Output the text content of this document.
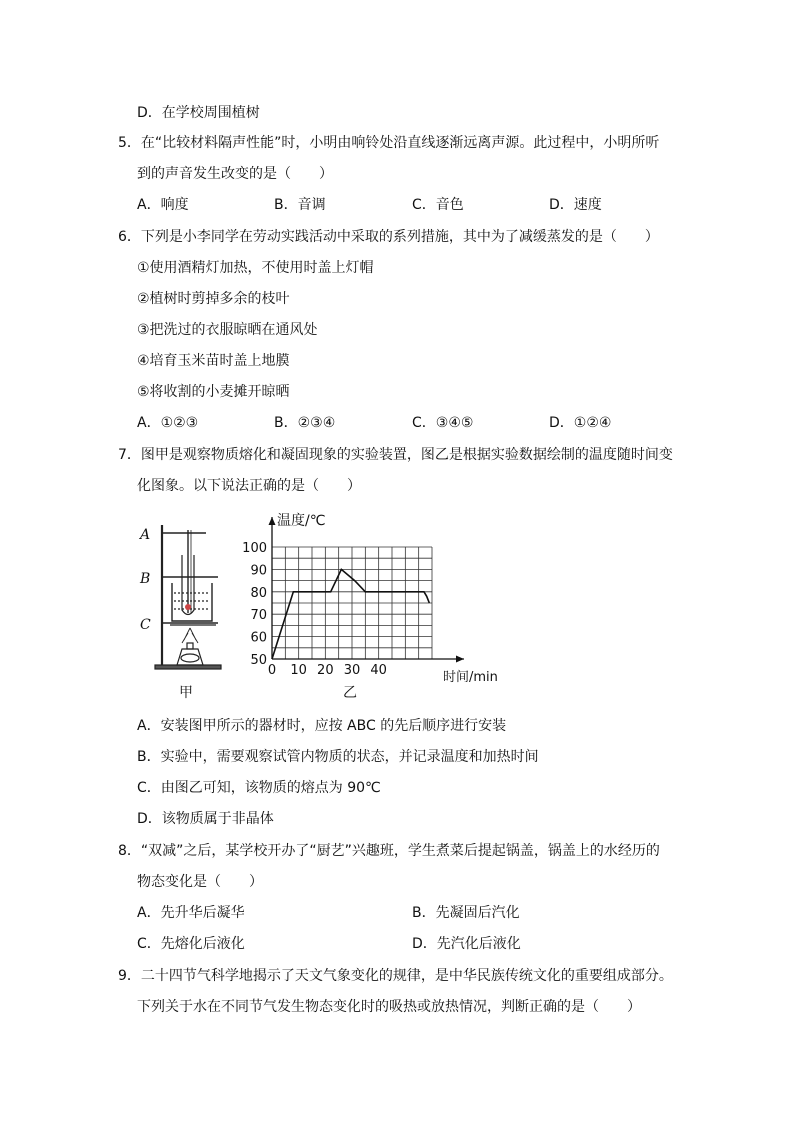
D．在学校周围植树
5．在“比较材料隔声性能”时，小明由响铃处沿直线逐渐远离声源。此过程中，小明所听
到的声音发生改变的是（　　）
A．响度	B．音调	C．音色	D．速度
6．下列是小李同学在劳动实践活动中采取的系列措施，其中为了减缓蒸发的是（　　）
①使用酒精灯加热，不使用时盖上灯帽
②植树时剪掉多余的枝叶
③把洗过的衣服晾晒在通风处
④培育玉米苗时盖上地膜
⑤将收割的小麦摊开晾晒
A．①②③	B．②③④	C．③④⑤	D．①②④
7．图甲是观察物质熔化和凝固现象的实验装置，图乙是根据实验数据绘制的温度随时间变
化图象。以下说法正确的是（　　）
A
B
C
甲
50
60
70
80
90
100
0 10 20 30 40
温度/℃
时间/min
乙
A．安装图甲所示的器材时，应按 ABC 的先后顺序进行安装
B．实验中，需要观察试管内物质的状态，并记录温度和加热时间
C．由图乙可知，该物质的熔点为 90℃
D．该物质属于非晶体
8．“双减”之后，某学校开办了“厨艺”兴趣班，学生煮菜后提起锅盖，锅盖上的水经历的
物态变化是（　　）
A．先升华后凝华	B．先凝固后汽化
C．先熔化后液化	D．先汽化后液化
9．二十四节气科学地揭示了天文气象变化的规律，是中华民族传统文化的重要组成部分。
下列关于水在不同节气发生物态变化时的吸热或放热情况，判断正确的是（　　）
